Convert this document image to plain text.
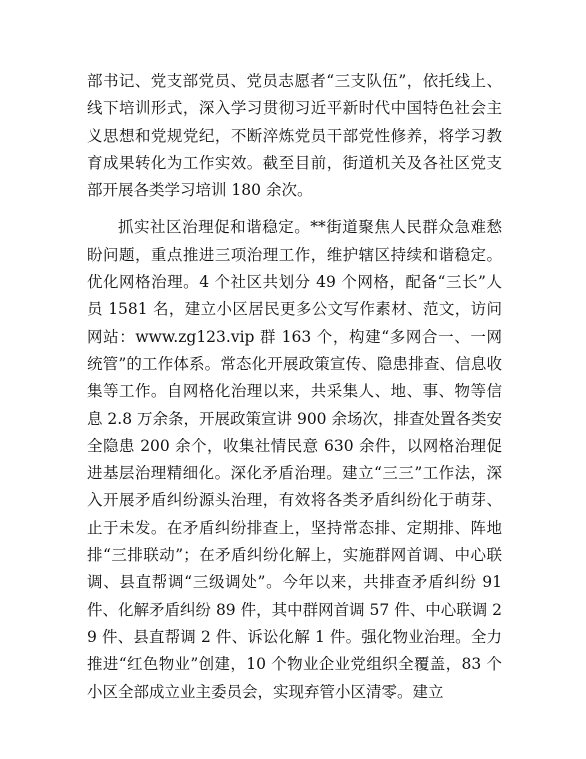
部书记、党支部党员、党员志愿者“三支队伍”，依托线上、线下培训形式，深入学习贯彻习近平新时代中国特色社会主义思想和党规党纪，不断淬炼党员干部党性修养，将学习教育成果转化为工作实效。截至目前，街道机关及各社区党支部开展各类学习培训 180 余次。

抓实社区治理促和谐稳定。**街道聚焦人民群众急难愁盼问题，重点推进三项治理工作，维护辖区持续和谐稳定。优化网格治理。4 个社区共划分 49 个网格，配备“三长”人员 1581 名，建立小区居民更多公文写作素材、范文，访问网站：www.zg123.vip 群 163 个，构建“多网合一、一网统管”的工作体系。常态化开展政策宣传、隐患排查、信息收集等工作。自网格化治理以来，共采集人、地、事、物等信息 2.8 万余条，开展政策宣讲 900 余场次，排查处置各类安全隐患 200 余个，收集社情民意 630 余件，以网格治理促进基层治理精细化。深化矛盾治理。建立“三三”工作法，深入开展矛盾纠纷源头治理，有效将各类矛盾纠纷化于萌芽、止于未发。在矛盾纠纷排查上，坚持常态排、定期排、阵地排“三排联动”；在矛盾纠纷化解上，实施群网首调、中心联调、县直帮调“三级调处”。今年以来，共排查矛盾纠纷 91 件、化解矛盾纠纷 89 件，其中群网首调 57 件、中心联调 29 件、县直帮调 2 件、诉讼化解 1 件。强化物业治理。全力推进“红色物业”创建，10 个物业企业党组织全覆盖，83 个小区全部成立业主委员会，实现弃管小区清零。建立
